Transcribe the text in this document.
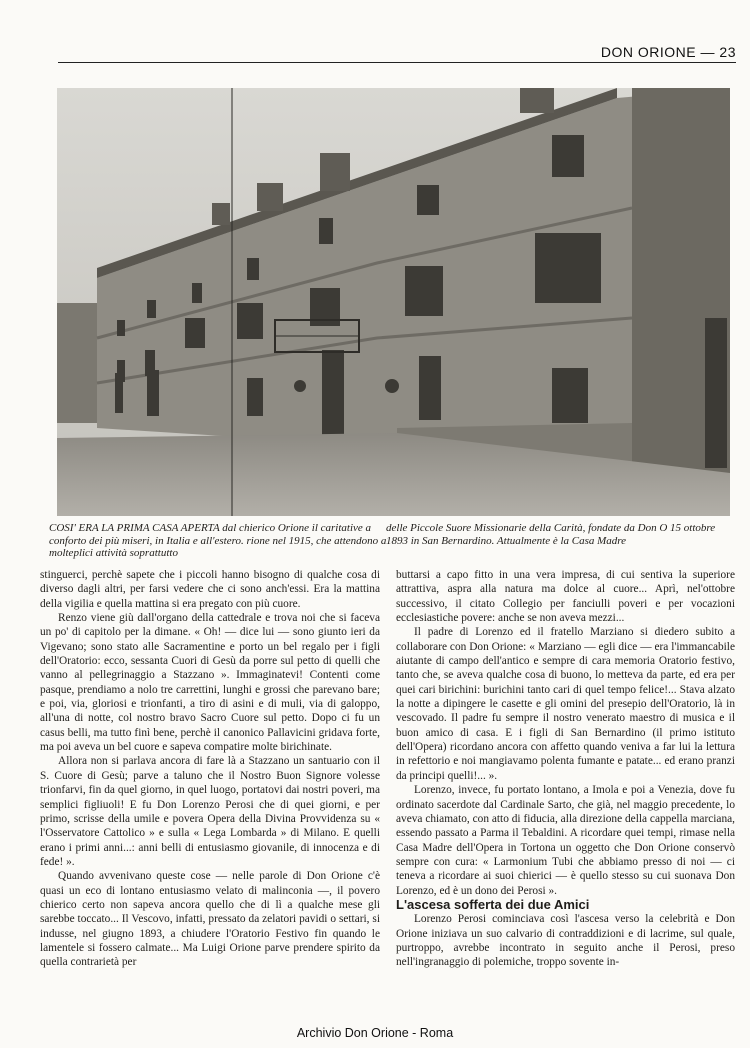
DON ORIONE — 23
COSI' ERA LA PRIMA CASA APERTA dal chierico Orione il caritative a conforto dei più miseri, in Italia e all'estero. rione nel 1915, che attendono a molteplici attività soprattutto
delle Piccole Suore Missionarie della Carità, fondate da Don O 15 ottobre 1893 in San Bernardino. Attualmente è la Casa Madre

stinguerci, perchè sapete che i piccoli hanno bisogno di qualche cosa di diverso dagli altri, per farsi vedere che ci sono anch'essi. Era la mattina della vigilia e quella mattina si era pregato con più cuore.

Renzo viene giù dall'organo della cattedrale e trova noi che si faceva un po' di capitolo per la dimane. « Oh! — dice lui — sono giunto ieri da Vigevano; sono stato alle Sacramentine e porto un bel regalo per i figli dell'Oratorio: ecco, sessanta Cuori di Gesù da porre sul petto di quelli che vanno al pellegrinaggio a Stazzano ». Immaginatevi! Contenti come pasque, prendiamo a nolo tre carrettini, lunghi e grossi che parevano bare; e poi, via, gloriosi e trionfanti, a tiro di asini e di muli, via di galoppo, all'una di notte, col nostro bravo Sacro Cuore sul petto. Dopo ci fu un casus belli, ma tutto finì bene, perchè il canonico Pallavicini gridava forte, ma poi aveva un bel cuore e sapeva compatire molte birichinate.

Allora non si parlava ancora di fare là a Stazzano un santuario con il S. Cuore di Gesù; parve a taluno che il Nostro Buon Signore volesse trionfarvi, fin da quel giorno, in quel luogo, portatovi dai nostri poveri, ma semplici figliuoli! E fu Don Lorenzo Perosi che di quei giorni, e per primo, scrisse della umile e povera Opera della Divina Provvidenza su « l'Osservatore Cattolico » e sulla « Lega Lombarda » di Milano. E quelli erano i primi anni...: anni belli di entusiasmo giovanile, di innocenza e di fede! ».

Quando avvenivano queste cose — nelle parole di Don Orione c'è quasi un eco di lontano entusiasmo velato di malinconia —, il povero chierico certo non sapeva ancora quello che di lì a qualche mese gli sarebbe toccato... Il Vescovo, infatti, pressato da zelatori pavidi o settari, si indusse, nel giugno 1893, a chiudere l'Oratorio Festivo fin quando le lamentele si fossero calmate... Ma Luigi Orione parve prendere spirito da quella contrarietà per

buttarsi a capo fitto in una vera impresa, di cui sentiva la superiore attrattiva, aspra alla natura ma dolce al cuore... Aprì, nel'ottobre successivo, il citato Collegio per fanciulli poveri e per vocazioni ecclesiastiche povere: anche se non aveva mezzi...

Il padre di Lorenzo ed il fratello Marziano si diedero subito a collaborare con Don Orione: « Marziano — egli dice — era l'immancabile aiutante di campo dell'antico e sempre di cara memoria Oratorio festivo, tanto che, se aveva qualche cosa di buono, lo metteva da parte, ed era per quei cari birichini: burichini tanto cari di quel tempo felice!... Stava alzato la notte a dipingere le casette e gli omini del presepio dell'Oratorio, là in vescovado. Il padre fu sempre il nostro venerato maestro di musica e il buon amico di casa. E i figli di San Bernardino (il primo istituto dell'Opera) ricordano ancora con affetto quando veniva a far lui la lettura in refettorio e noi mangiavamo polenta fumante e patate... ed erano pranzi da principi quelli!... ».

Lorenzo, invece, fu portato lontano, a Imola e poi a Venezia, dove fu ordinato sacerdote dal Cardinale Sarto, che già, nel maggio precedente, lo aveva chiamato, con atto di fiducia, alla direzione della cappella marciana, essendo passato a Parma il Tebaldini. A ricordare quei tempi, rimase nella Casa Madre dell'Opera in Tortona un oggetto che Don Orione conservò sempre con cura: « Larmonium Tubi che abbiamo presso di noi — ci teneva a ricordare ai suoi chierici — è quello stesso su cui suonava Don Lorenzo, ed è un dono dei Perosi ».

L'ascesa sofferta dei due Amici

Lorenzo Perosi cominciava così l'ascesa verso la celebrità e Don Orione iniziava un suo calvario di contraddizioni e di lacrime, sul quale, purtroppo, avrebbe incontrato in seguito anche il Perosi, preso nell'ingranaggio di polemiche, troppo sovente in-

Archivio Don Orione - Roma
